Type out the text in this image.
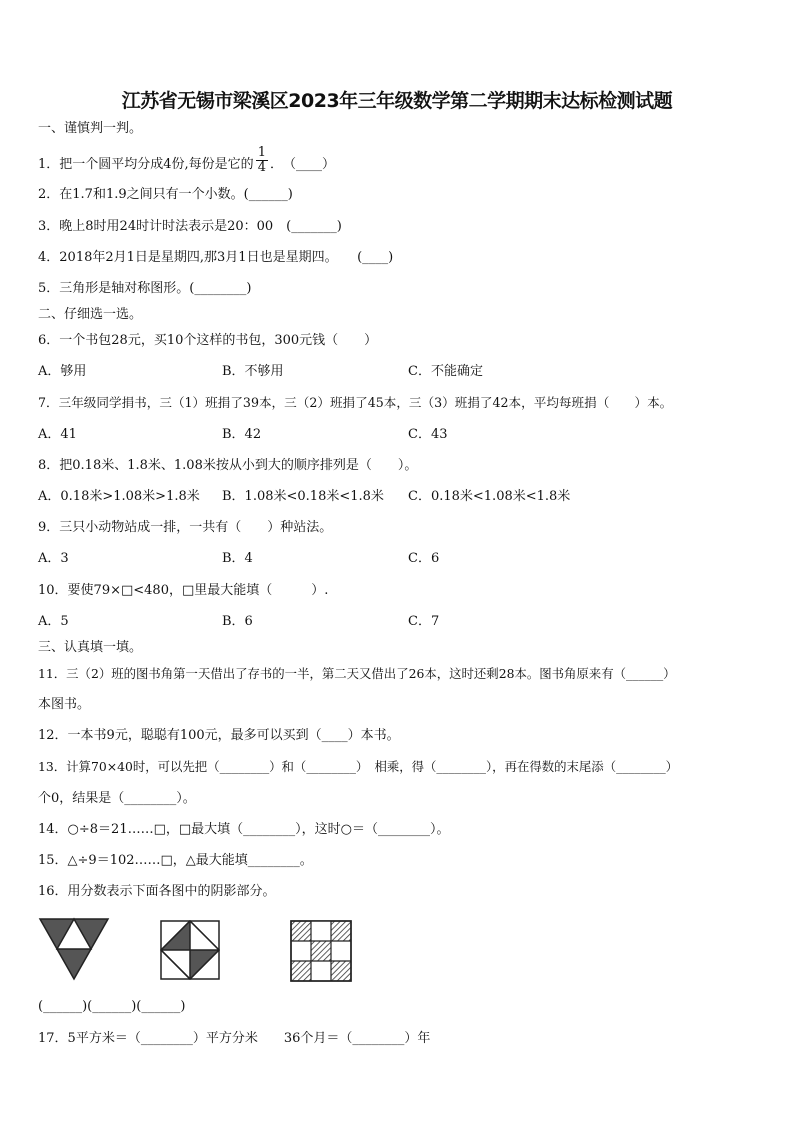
江苏省无锡市梁溪区2023年三年级数学第二学期期末达标检测试题
一、谨慎判一判。
1．把一个圆平均分成4份,每份是它的 $\frac{1}{4}$ ．　（____）
2．在1.7和1.9之间只有一个小数。(______)
3．晚上8时用24时计时法表示是20：00　(_______)
4．2018年2月1日是星期四,那3月1日也是星期四。　　(____)
5．三角形是轴对称图形。(________)
二、仔细选一选。
6．一个书包28元，买10个这样的书包，300元钱（　　）
A．够用	B．不够用	C．不能确定
7．三年级同学捐书，三（1）班捐了39本，三（2）班捐了45本，三（3）班捐了42本，平均每班捐（　　）本。
A．41	B．42	C．43
8．把0.18米、1.8米、1.08米按从小到大的顺序排列是（　　）。
A．0.18米>1.08米>1.8米 B．1.08米<0.18米<1.8米 C．0.18米<1.08米<1.8米
9．三只小动物站成一排，一共有（　　）种站法。
A．3	B．4	C．6
10．要使79×□<480，□里最大能填（　　　）.
A．5	B．6	C．7
三、认真填一填。
11．三（2）班的图书角第一天借出了存书的一半，第二天又借出了26本，这时还剩28本。图书角原来有（______）
本图书。
12．一本书9元，聪聪有100元，最多可以买到（____）本书。
13．计算70×40时，可以先把（________）和（________）　相乘，得（________），再在得数的末尾添（________）
个0，结果是（________）。
14．○÷8＝21……□，□最大填（________），这时○＝（________）。
15．△÷9＝102……□，△最大能填________。
16．用分数表示下面各图中的阴影部分。
(______)(______)(______)
17．5平方米＝（________）平方分米　　36个月＝（________）年
